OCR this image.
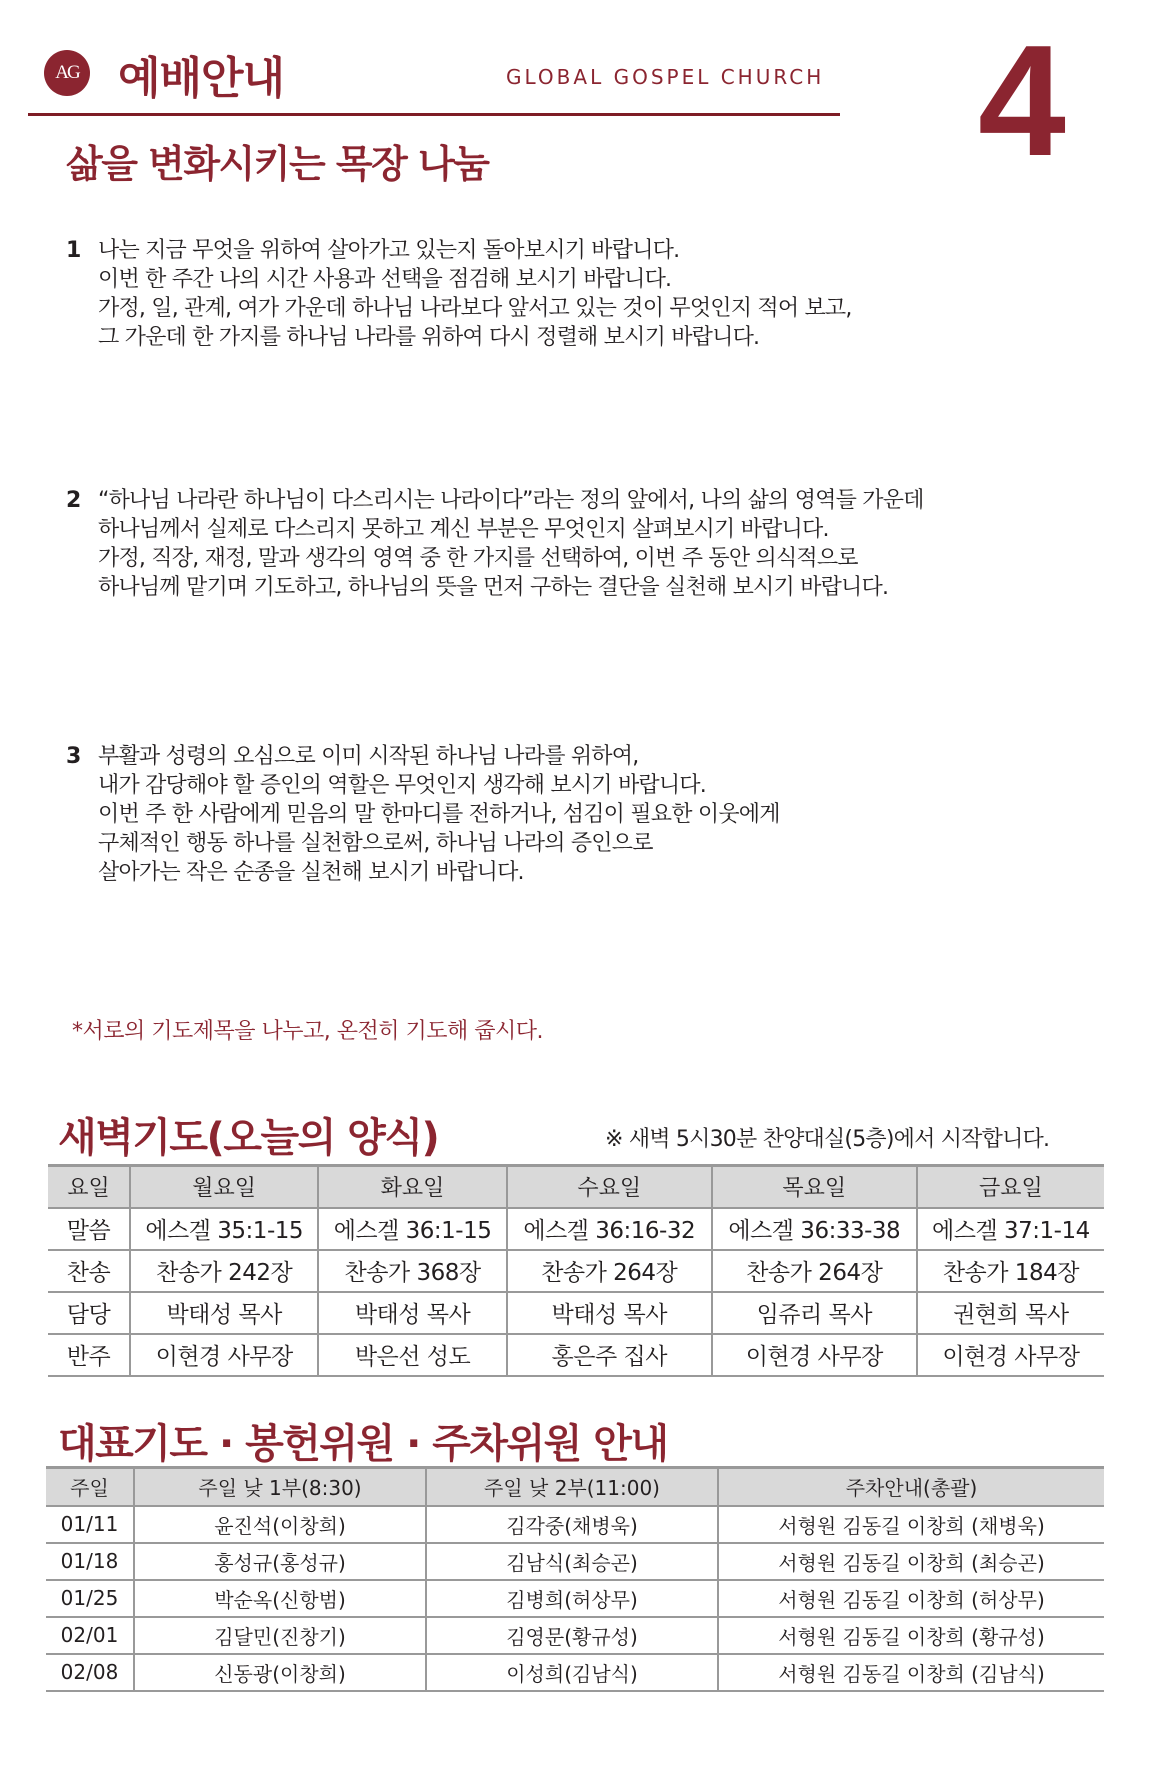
AG 예배안내	GLOBAL GOSPEL CHURCH 4
삶을 변화시키는 목장 나눔
1 나는 지금 무엇을 위하여 살아가고 있는지 돌아보시기 바랍니다.
이번 한 주간 나의 시간 사용과 선택을 점검해 보시기 바랍니다.
가정, 일, 관계, 여가 가운데 하나님 나라보다 앞서고 있는 것이 무엇인지 적어 보고,
그 가운데 한 가지를 하나님 나라를 위하여 다시 정렬해 보시기 바랍니다.
2 “하나님 나라란 하나님이 다스리시는 나라이다”라는 정의 앞에서, 나의 삶의 영역들 가운데
하나님께서 실제로 다스리지 못하고 계신 부분은 무엇인지 살펴보시기 바랍니다.
가정, 직장, 재정, 말과 생각의 영역 중 한 가지를 선택하여, 이번 주 동안 의식적으로
하나님께 맡기며 기도하고, 하나님의 뜻을 먼저 구하는 결단을 실천해 보시기 바랍니다.
3 부활과 성령의 오심으로 이미 시작된 하나님 나라를 위하여,
내가 감당해야 할 증인의 역할은 무엇인지 생각해 보시기 바랍니다.
이번 주 한 사람에게 믿음의 말 한마디를 전하거나, 섬김이 필요한 이웃에게
구체적인 행동 하나를 실천함으로써, 하나님 나라의 증인으로
살아가는 작은 순종을 실천해 보시기 바랍니다.
*서로의 기도제목을 나누고, 온전히 기도해 줍시다.
새벽기도(오늘의 양식)	※ 새벽 5시30분 찬양대실(5층)에서 시작합니다.
요일	월요일	화요일	수요일	목요일	금요일
말씀	에스겔 35:1-15	에스겔 36:1-15	에스겔 36:16-32	에스겔 36:33-38	에스겔 37:1-14
찬송	찬송가 242장	찬송가 368장	찬송가 264장	찬송가 264장	찬송가 184장
담당	박태성 목사	박태성 목사	박태성 목사	임쥬리 목사	권현희 목사
반주	이현경 사무장	박은선 성도	홍은주 집사	이현경 사무장	이현경 사무장
대표기도 · 봉헌위원 · 주차위원 안내
주일	주일 낮 1부(8:30)	주일 낮 2부(11:00)	주차안내(총괄)
01/11	윤진석(이창희)	김각중(채병욱)	서형원 김동길 이창희 (채병욱)
01/18	홍성규(홍성규)	김남식(최승곤)	서형원 김동길 이창희 (최승곤)
01/25	박순옥(신항범)	김병희(허상무)	서형원 김동길 이창희 (허상무)
02/01	김달민(진창기)	김영문(황규성)	서형원 김동길 이창희 (황규성)
02/08	신동광(이창희)	이성희(김남식)	서형원 김동길 이창희 (김남식)
